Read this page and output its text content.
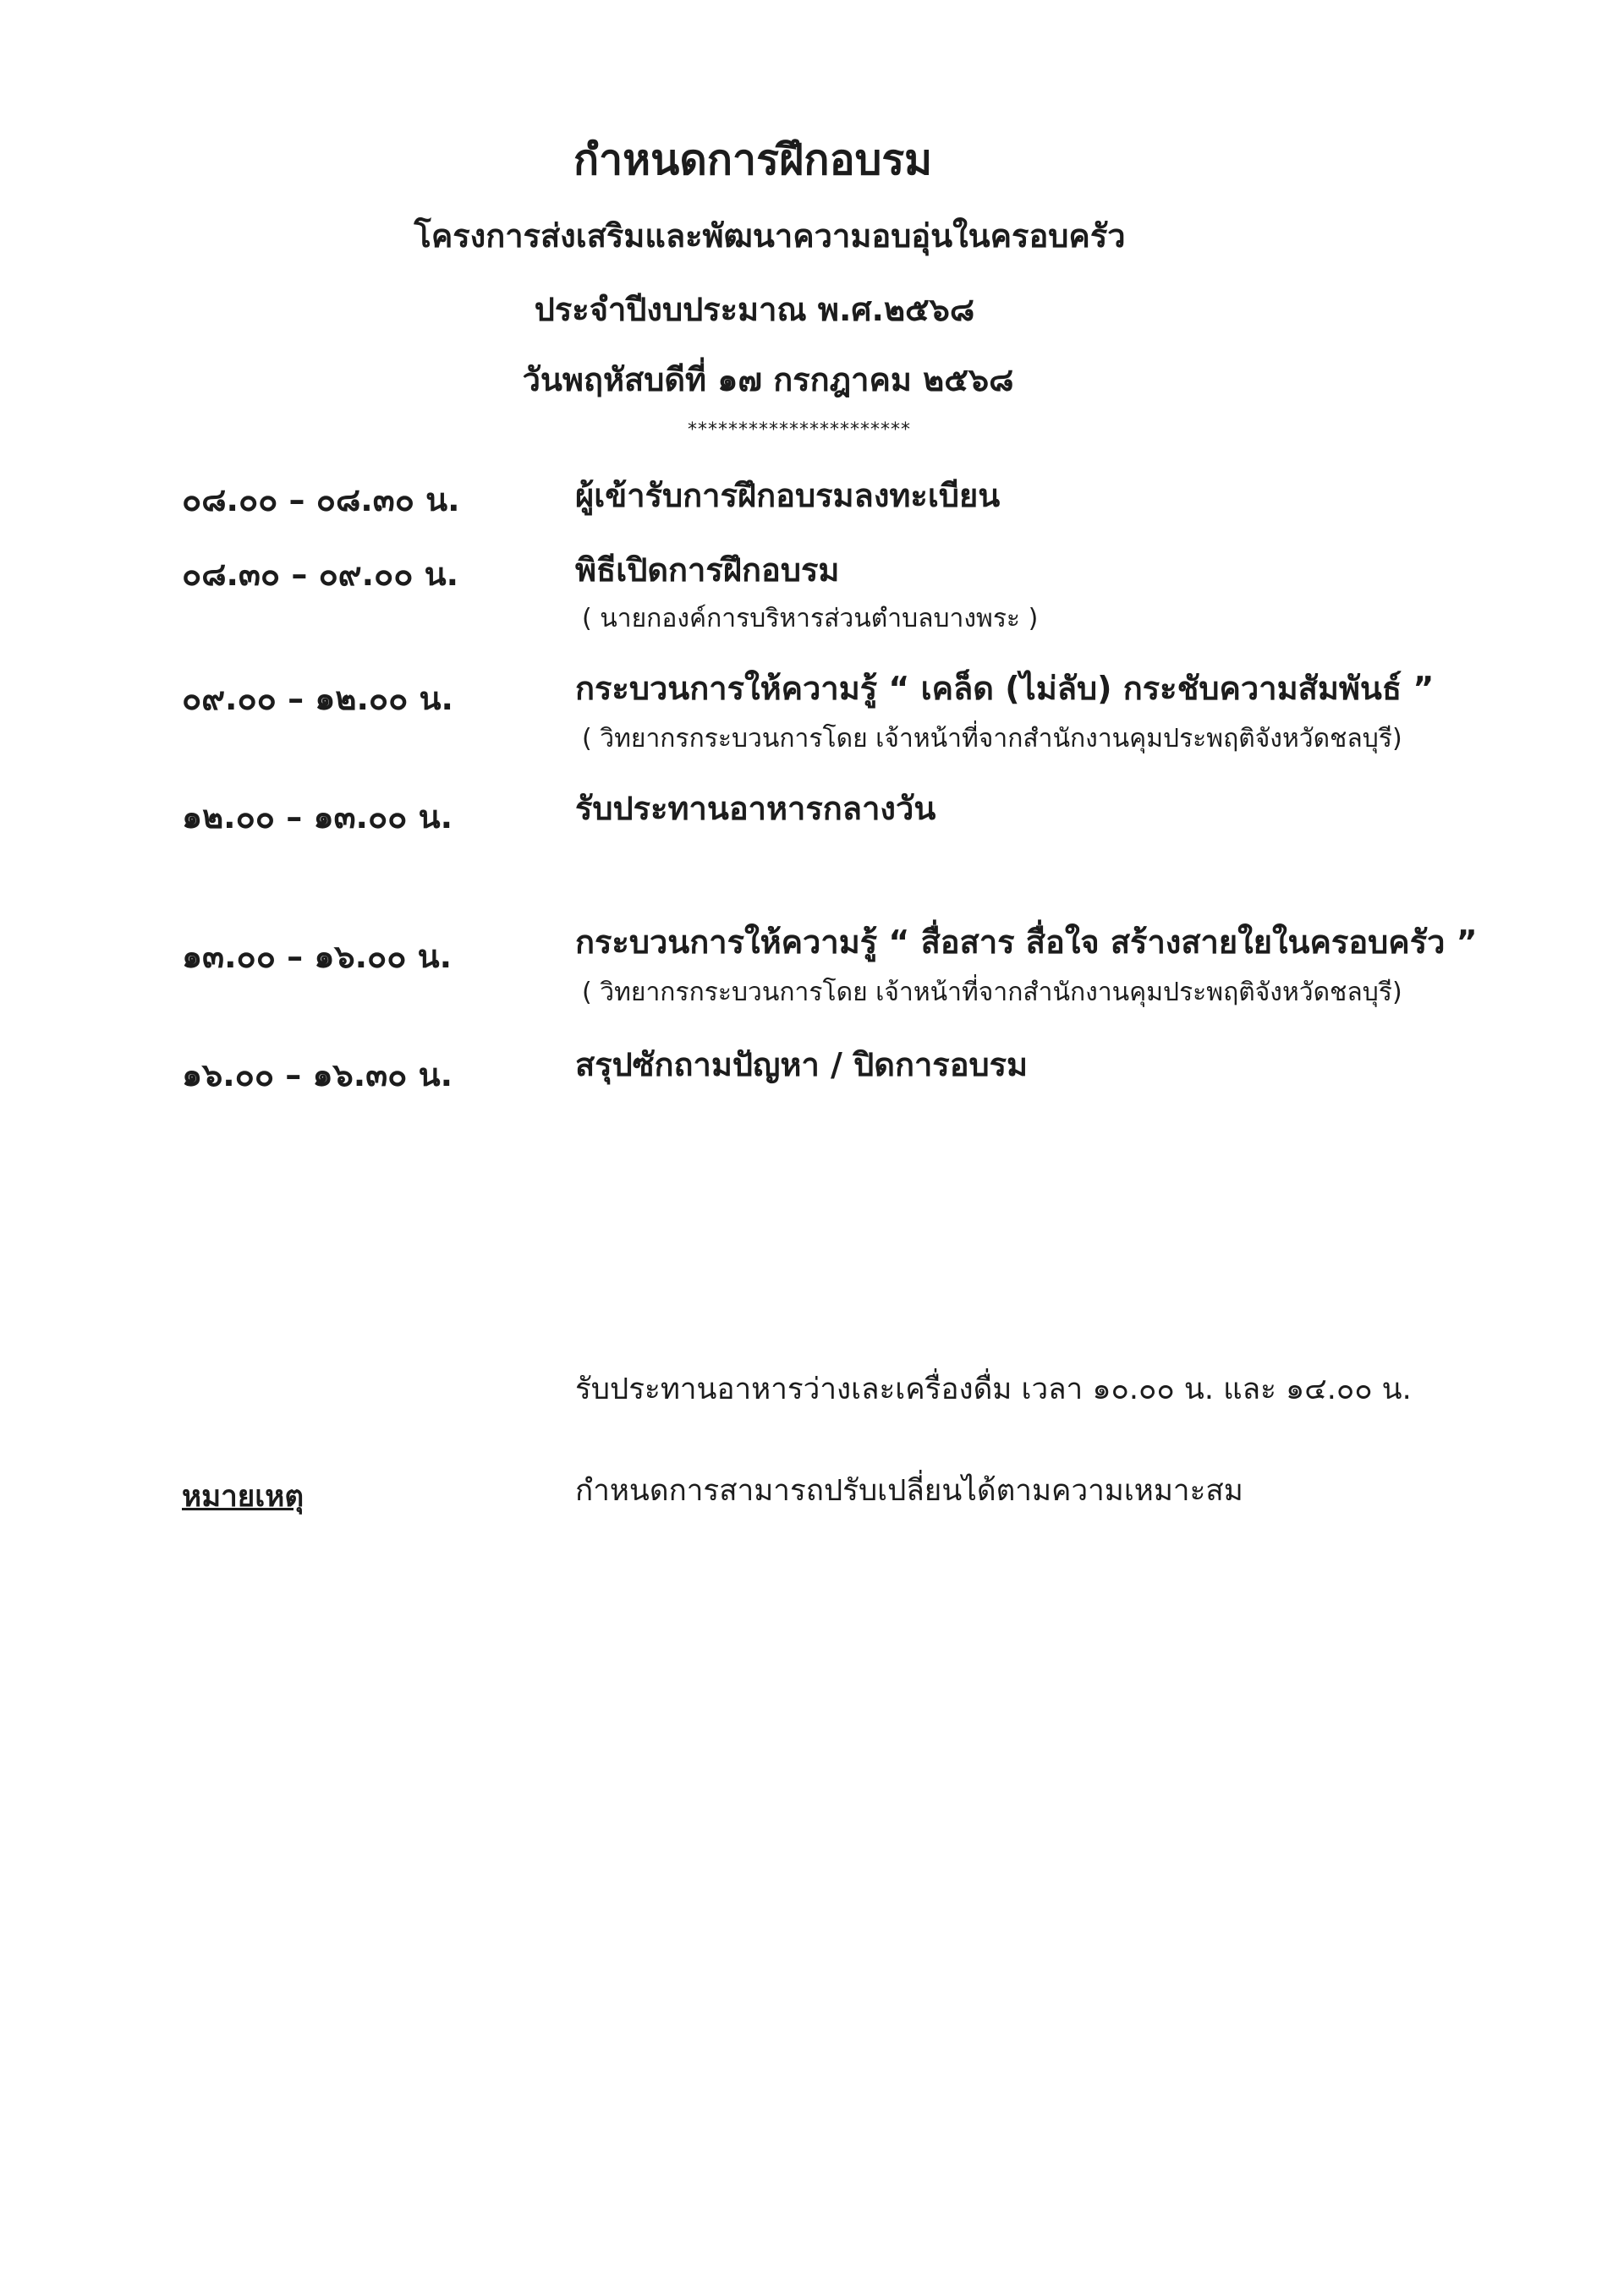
กำหนดการฝึกอบรม
โครงการส่งเสริมและพัฒนาความอบอุ่นในครอบครัว
ประจำปีงบประมาณ พ.ศ.๒๕๖๘
วันพฤหัสบดีที่ ๑๗ กรกฎาคม ๒๕๖๘
**********************
๐๘.๐๐ – ๐๘.๓๐ น.	ผู้เข้ารับการฝึกอบรมลงทะเบียน
๐๘.๓๐ – ๐๙.๐๐ น.	พิธีเปิดการฝึกอบรม
( นายกองค์การบริหารส่วนตำบลบางพระ )
๐๙.๐๐ – ๑๒.๐๐ น.	กระบวนการให้ความรู้ “ เคล็ด (ไม่ลับ) กระชับความสัมพันธ์ ”
( วิทยากรกระบวนการโดย เจ้าหน้าที่จากสำนักงานคุมประพฤติจังหวัดชลบุรี)
๑๒.๐๐ – ๑๓.๐๐ น.	รับประทานอาหารกลางวัน
๑๓.๐๐ – ๑๖.๐๐ น.	กระบวนการให้ความรู้ “ สื่อสาร สื่อใจ สร้างสายใยในครอบครัว ”
( วิทยากรกระบวนการโดย เจ้าหน้าที่จากสำนักงานคุมประพฤติจังหวัดชลบุรี)
๑๖.๐๐ – ๑๖.๓๐ น.	สรุปซักถามปัญหา / ปิดการอบรม
รับประทานอาหารว่างเละเครื่องดื่ม เวลา ๑๐.๐๐ น. และ ๑๔.๐๐ น.
หมายเหตุ	กำหนดการสามารถปรับเปลี่ยนได้ตามความเหมาะสม
